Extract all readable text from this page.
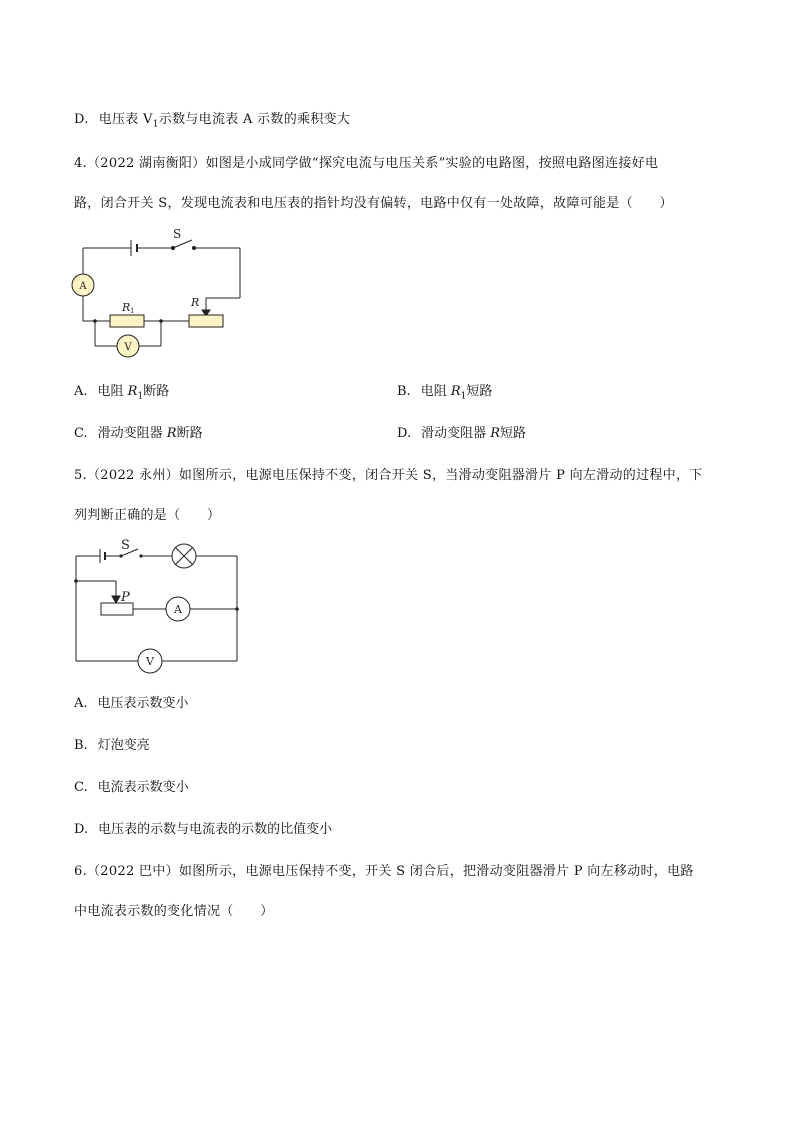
D. 电压表 $V_1$示数与电流表 A 示数的乘积变大
4.（2022 湖南衡阳）如图是小成同学做“探究电流与电压关系”实验的电路图，按照电路图连接好电
路，闭合开关 S，发现电流表和电压表的指针均没有偏转，电路中仅有一处故障，故障可能是（　　）
A
V
S
R 1
R
A. 电阻 $R_1$断路	B. 电阻 $R_1$短路
C. 滑动变阻器 R断路	D. 滑动变阻器 R短路
5.（2022 永州）如图所示，电源电压保持不变，闭合开关 S，当滑动变阻器滑片 P 向左滑动的过程中，下
列判断正确的是（　　）
A
V
S
P
A. 电压表示数变小
B. 灯泡变亮
C. 电流表示数变小
D. 电压表的示数与电流表的示数的比值变小
6.（2022 巴中）如图所示，电源电压保持不变，开关 S 闭合后，把滑动变阻器滑片 P 向左移动时，电路
中电流表示数的变化情况（　　）
